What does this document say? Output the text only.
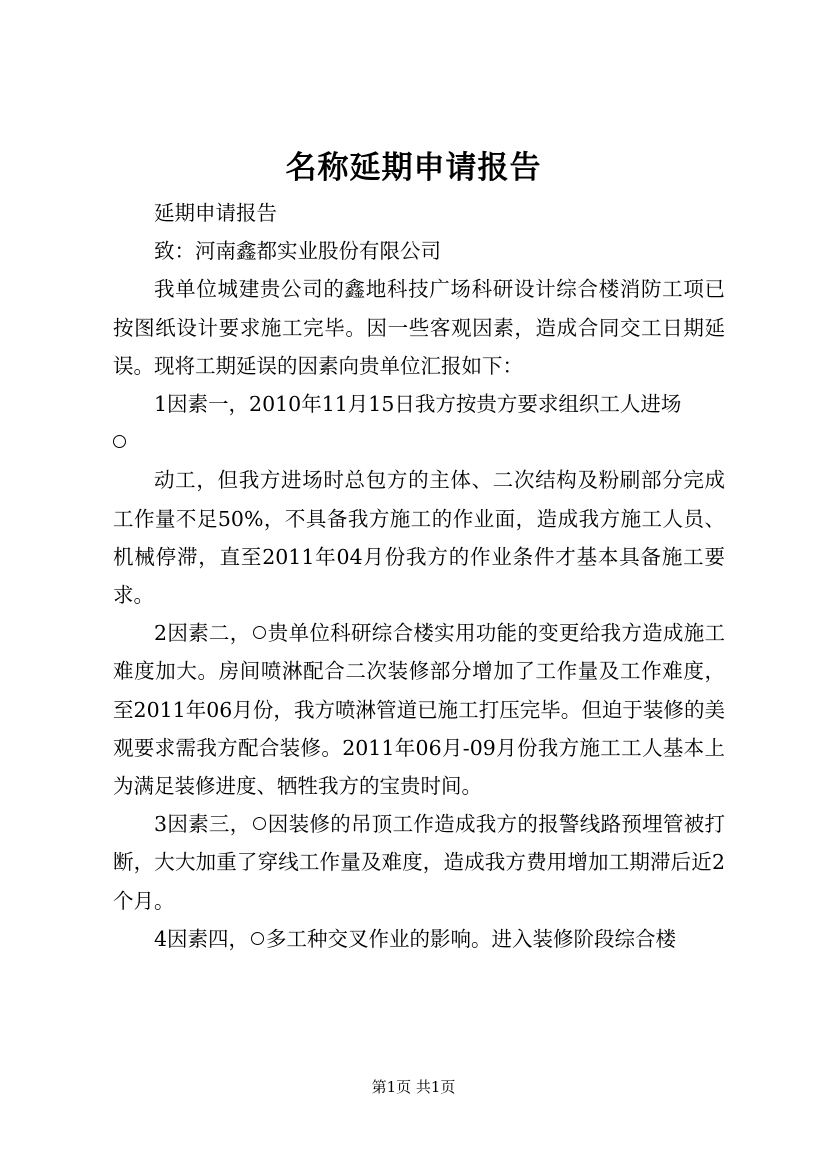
名称延期申请报告

延期申请报告

致：河南鑫都实业股份有限公司

我单位城建贵公司的鑫地科技广场科研设计综合楼消防工项已按图纸设计要求施工完毕。因一些客观因素，造成合同交工日期延误。现将工期延误的因素向贵单位汇报如下：

1因素一，2010年11月15日我方按贵方要求组织工人进场

动工，但我方进场时总包方的主体、二次结构及粉刷部分完成工作量不足50%，不具备我方施工的作业面，造成我方施工人员、机械停滞，直至2011年04月份我方的作业条件才基本具备施工要求。

2因素二， 贵单位科研综合楼实用功能的变更给我方造成施工难度加大。房间喷淋配合二次装修部分增加了工作量及工作难度，至2011年06月份，我方喷淋管道已施工打压完毕。但迫于装修的美观要求需我方配合装修。2011年06月-09月份我方施工工人基本上为满足装修进度、牺牲我方的宝贵时间。

3因素三， 因装修的吊顶工作造成我方的报警线路预埋管被打断，大大加重了穿线工作量及难度，造成我方费用增加工期滞后近2个月。

4因素四， 多工种交叉作业的影响。进入装修阶段综合楼

第1页 共1页
